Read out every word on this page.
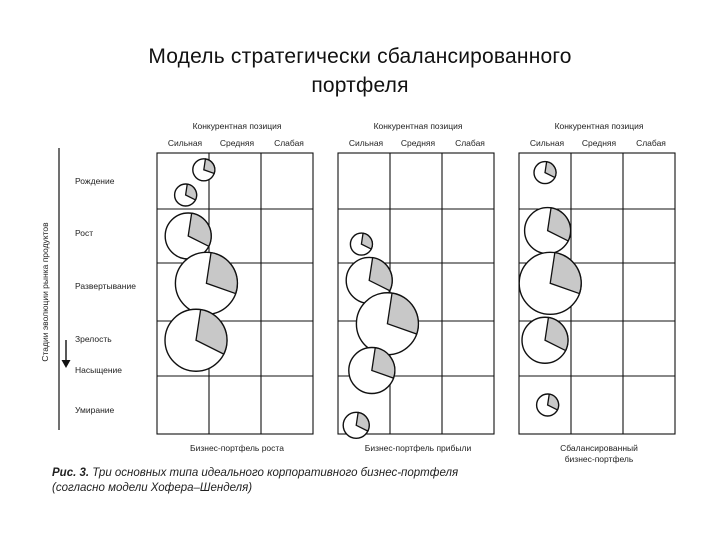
Модель стратегически сбалансированного
портфеля
Стадии эволюции рынка продуктов
Рождение
Рост
Развертывание
Зрелость
Насыщение
Умирание
Конкурентная позиция
Сильная Средняя Слабая
Бизнес-портфель роста
Конкурентная позиция
Сильная Средняя Слабая
Бизнес-портфель прибыли
Конкурентная позиция
Сильная Средняя Слабая
Сбалансированный
бизнес-портфель
Рис. 3. Три основных типа идеального корпоративного бизнес-портфеля
(согласно модели Хофера–Шенделя)
